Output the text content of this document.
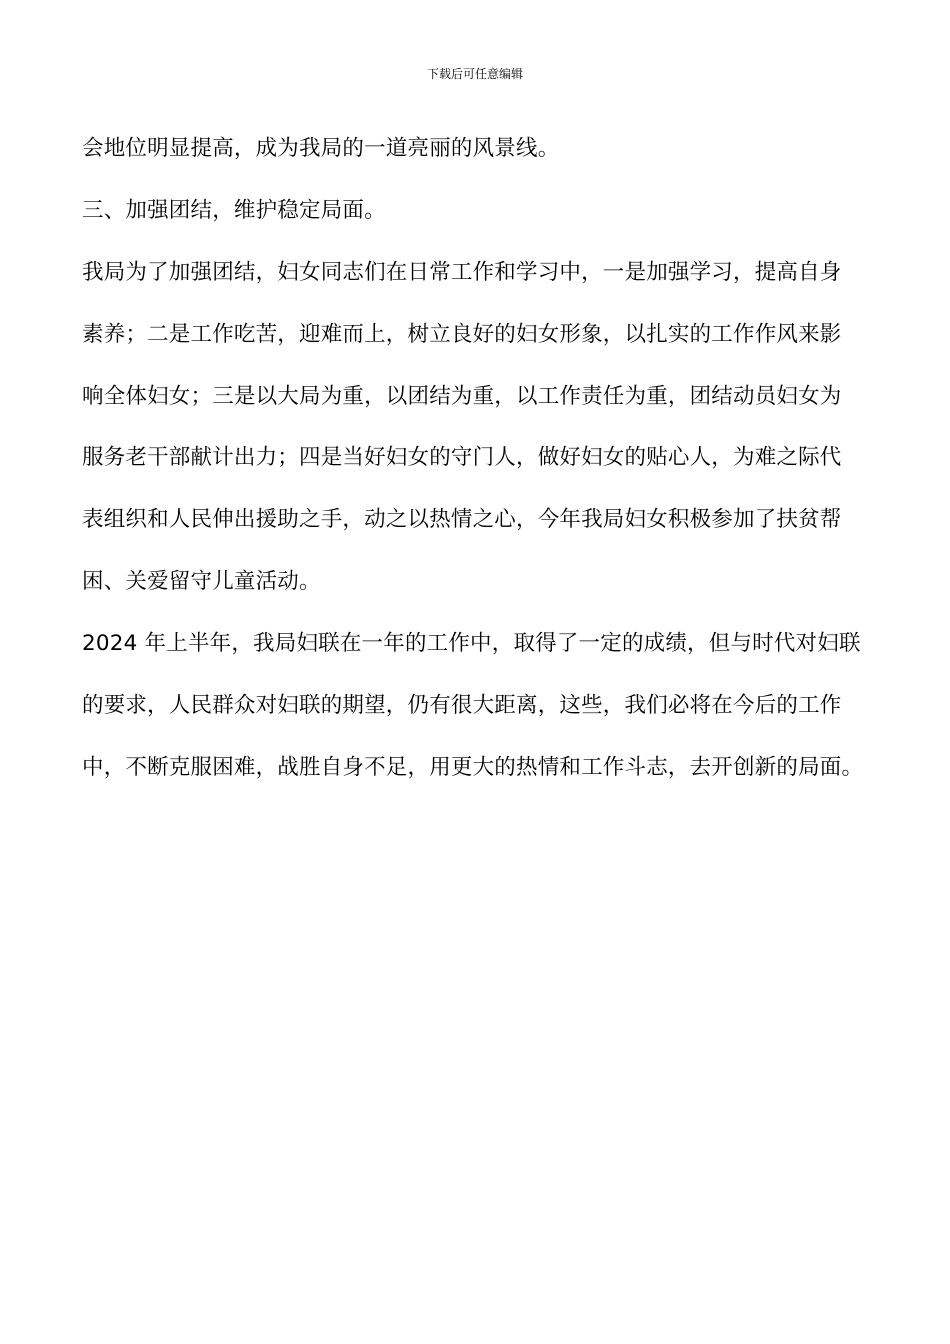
下载后可任意编辑
会地位明显提高，成为我局的一道亮丽的风景线。
三、加强团结，维护稳定局面。
我局为了加强团结，妇女同志们在日常工作和学习中，一是加强学习，提高自身
素养；二是工作吃苦，迎难而上，树立良好的妇女形象，以扎实的工作作风来影
响全体妇女；三是以大局为重，以团结为重，以工作责任为重，团结动员妇女为
服务老干部献计出力；四是当好妇女的守门人，做好妇女的贴心人，为难之际代
表组织和人民伸出援助之手，动之以热情之心，今年我局妇女积极参加了扶贫帮
困、关爱留守儿童活动。
2024 年上半年，我局妇联在一年的工作中，取得了一定的成绩，但与时代对妇联
的要求，人民群众对妇联的期望，仍有很大距离，这些，我们必将在今后的工作
中，不断克服困难，战胜自身不足，用更大的热情和工作斗志，去开创新的局面。
